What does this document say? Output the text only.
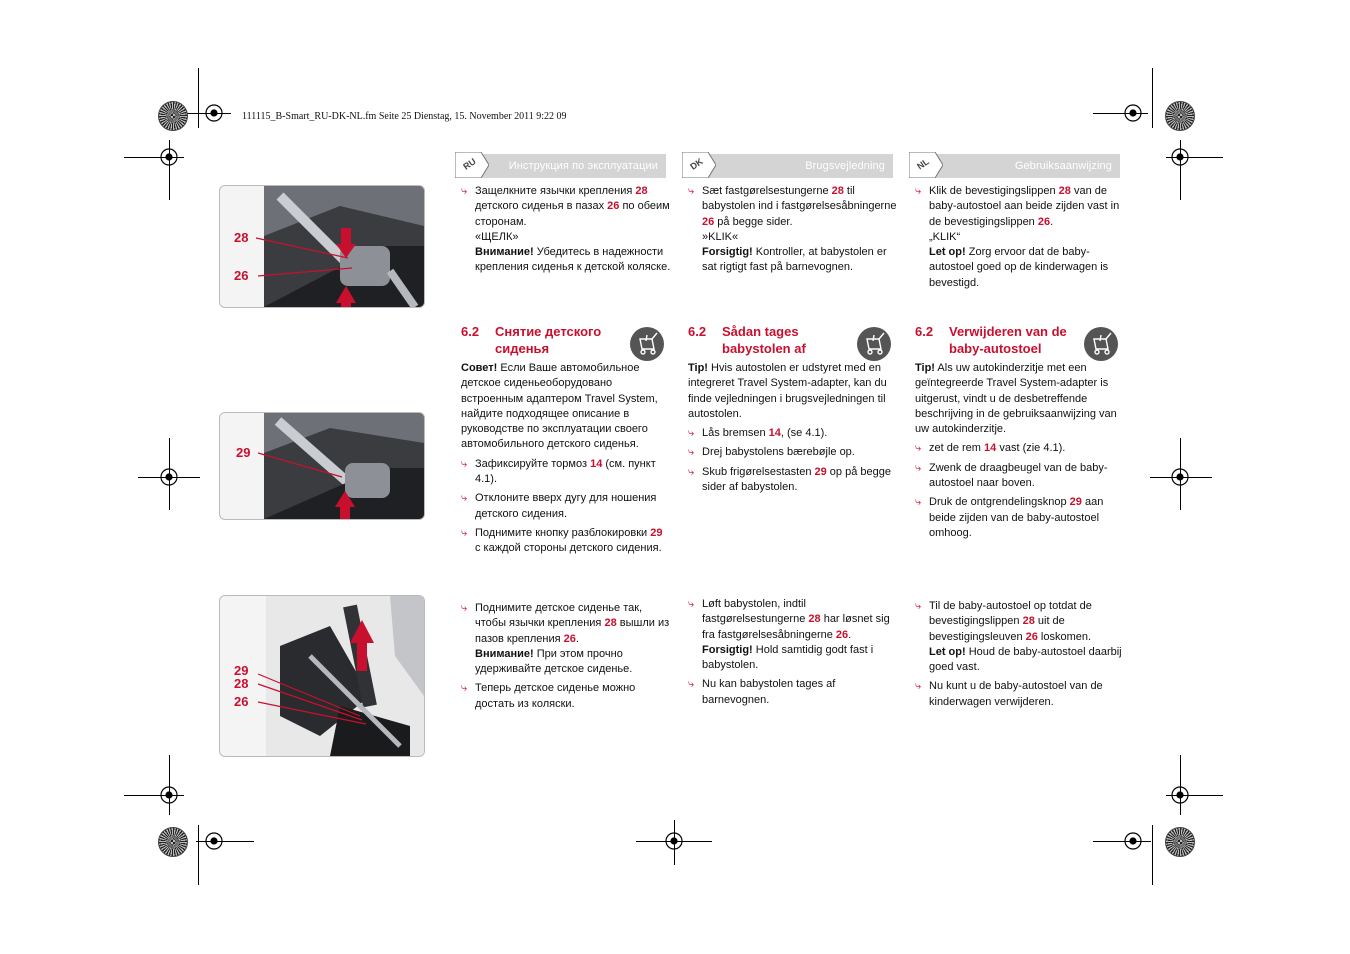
111115_B-Smart_RU-DK-NL.fm Seite 25 Dienstag, 15. November 2011 9:22 09
RU	Инструкция по эксплуатации	DK	Brugsvejledning	NL	Gebruiksaanwijzing
28
26
29
29
28
26

⤷ Защелкните язычки крепления 28 детского сиденья в пазах 26 по обеим сторонам.

«ЩЕЛК»

Внимание! Убедитесь в надежности крепления сиденья к детской коляске.

6.2 Снятие детского сиденья

Совет! Если Ваше автомобильное детское сиденьеоборудовано встроенным адаптером Travel System, найдите подходящее описание в руководстве по эксплуатации своего автомобильного детского сиденья.

⤷ Зафиксируйте тормоз 14 (см. пункт 4.1).

⤷ Отклоните вверх дугу для ношения детского сидения.

⤷ Поднимите кнопку разблокировки 29 с каждой стороны детского сидения.

⤷ Поднимите детское сиденье так, чтобы язычки крепления 28 вышли из пазов крепления 26.

Внимание! При этом прочно удерживайте детское сиденье.

⤷ Теперь детское сиденье можно достать из коляски.

⤷ Sæt fastgørelsestungerne 28 til babystolen ind i fastgørelsesåbningerne 26 på begge sider.

»KLIK«

Forsigtig! Kontroller, at babystolen er sat rigtigt fast på barnevognen.

6.2 Sådan tages babystolen af

Tip! Hvis autostolen er udstyret med en integreret Travel System-adapter, kan du finde vejledningen i brugsvejledningen til autostolen.

⤷ Lås bremsen 14, (se 4.1).

⤷ Drej babystolens bærebøjle op.

⤷ Skub frigørelsestasten 29 op på begge sider af babystolen.

⤷ Løft babystolen, indtil fastgørelsestungerne 28 har løsnet sig fra fastgørelsesåbningerne 26.

Forsigtig! Hold samtidig godt fast i babystolen.

⤷ Nu kan babystolen tages af barnevognen.

⤷ Klik de bevestigingslippen 28 van de baby-autostoel aan beide zijden vast in de bevestigingslippen 26.

„KLIK“

Let op! Zorg ervoor dat de baby-autostoel goed op de kinderwagen is bevestigd.

6.2 Verwijderen van de baby-autostoel

Tip! Als uw autokinderzitje met een geïntegreerde Travel System-adapter is uitgerust, vindt u de desbetreffende beschrijving in de gebruiksaanwijzing van uw autokinderzitje.

⤷ zet de rem 14 vast (zie 4.1).

⤷ Zwenk de draagbeugel van de baby-autostoel naar boven.

⤷ Druk de ontgrendelingsknop 29 aan beide zijden van de baby-autostoel omhoog.

⤷ Til de baby-autostoel op totdat de bevestigingslippen 28 uit de bevestigingsleuven 26 loskomen.

Let op! Houd de baby-autostoel daarbij goed vast.

⤷ Nu kunt u de baby-autostoel van de kinderwagen verwijderen.
